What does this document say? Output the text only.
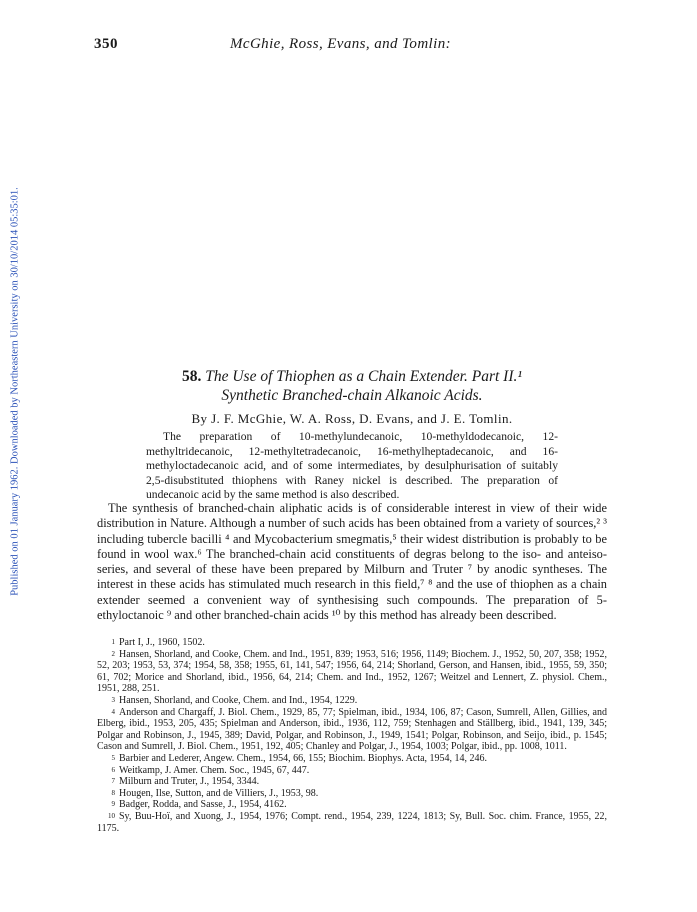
350	McGhie, Ross, Evans, and Tomlin:
Published on 01 January 1962. Downloaded by Northeastern University on 30/10/2014 05:35:01.	58. The Use of Thiophen as a Chain Extender. Part II.¹
Synthetic Branched-chain Alkanoic Acids.
By J. F. McGhie, W. A. Ross, D. Evans, and J. E. Tomlin.

The preparation of 10-methylundecanoic, 10-methyldodecanoic, 12-methyltridecanoic, 12-methyltetradecanoic, 16-methylheptadecanoic, and 16-methyloctadecanoic acid, and of some intermediates, by desulphurisation of suitably 2,5-disubstituted thiophens with Raney nickel is described. The preparation of undecanoic acid by the same method is also described.

The synthesis of branched-chain aliphatic acids is of considerable interest in view of their wide distribution in Nature. Although a number of such acids has been obtained from a variety of sources,² ³ including tubercle bacilli ⁴ and Mycobacterium smegmatis,⁵ their widest distribution is probably to be found in wool wax.⁶ The branched-chain acid constituents of degras belong to the iso- and anteiso-series, and several of these have been prepared by Milburn and Truter ⁷ by anodic syntheses. The interest in these acids has stimulated much research in this field,⁷ ⁸ and the use of thiophen as a chain extender seemed a convenient way of synthesising such compounds. The preparation of 5-ethyloctanoic ⁹ and other branched-chain acids ¹⁰ by this method has already been described.

1 Part I, J., 1960, 1502.
2 Hansen, Shorland, and Cooke, Chem. and Ind., 1951, 839; 1953, 516; 1956, 1149; Biochem. J., 1952, 50, 207, 358; 1952, 52, 203; 1953, 53, 374; 1954, 58, 358; 1955, 61, 141, 547; 1956, 64, 214; Shorland, Gerson, and Hansen, ibid., 1955, 59, 350; 61, 702; Morice and Shorland, ibid., 1956, 64, 214; Chem. and Ind., 1952, 1267; Weitzel and Lennert, Z. physiol. Chem., 1951, 288, 251.
3 Hansen, Shorland, and Cooke, Chem. and Ind., 1954, 1229.
4 Anderson and Chargaff, J. Biol. Chem., 1929, 85, 77; Spielman, ibid., 1934, 106, 87; Cason, Sumrell, Allen, Gillies, and Elberg, ibid., 1953, 205, 435; Spielman and Anderson, ibid., 1936, 112, 759; Stenhagen and Ställberg, ibid., 1941, 139, 345; Polgar and Robinson, J., 1945, 389; David, Polgar, and Robinson, J., 1949, 1541; Polgar, Robinson, and Seijo, ibid., p. 1545; Cason and Sumrell, J. Biol. Chem., 1951, 192, 405; Chanley and Polgar, J., 1954, 1003; Polgar, ibid., pp. 1008, 1011.
5 Barbier and Lederer, Angew. Chem., 1954, 66, 155; Biochim. Biophys. Acta, 1954, 14, 246.
6 Weitkamp, J. Amer. Chem. Soc., 1945, 67, 447.
7 Milburn and Truter, J., 1954, 3344.
8 Hougen, Ilse, Sutton, and de Villiers, J., 1953, 98.
9 Badger, Rodda, and Sasse, J., 1954, 4162.
10 Sy, Buu-Hoï, and Xuong, J., 1954, 1976; Compt. rend., 1954, 239, 1224, 1813; Sy, Bull. Soc. chim. France, 1955, 22, 1175.
